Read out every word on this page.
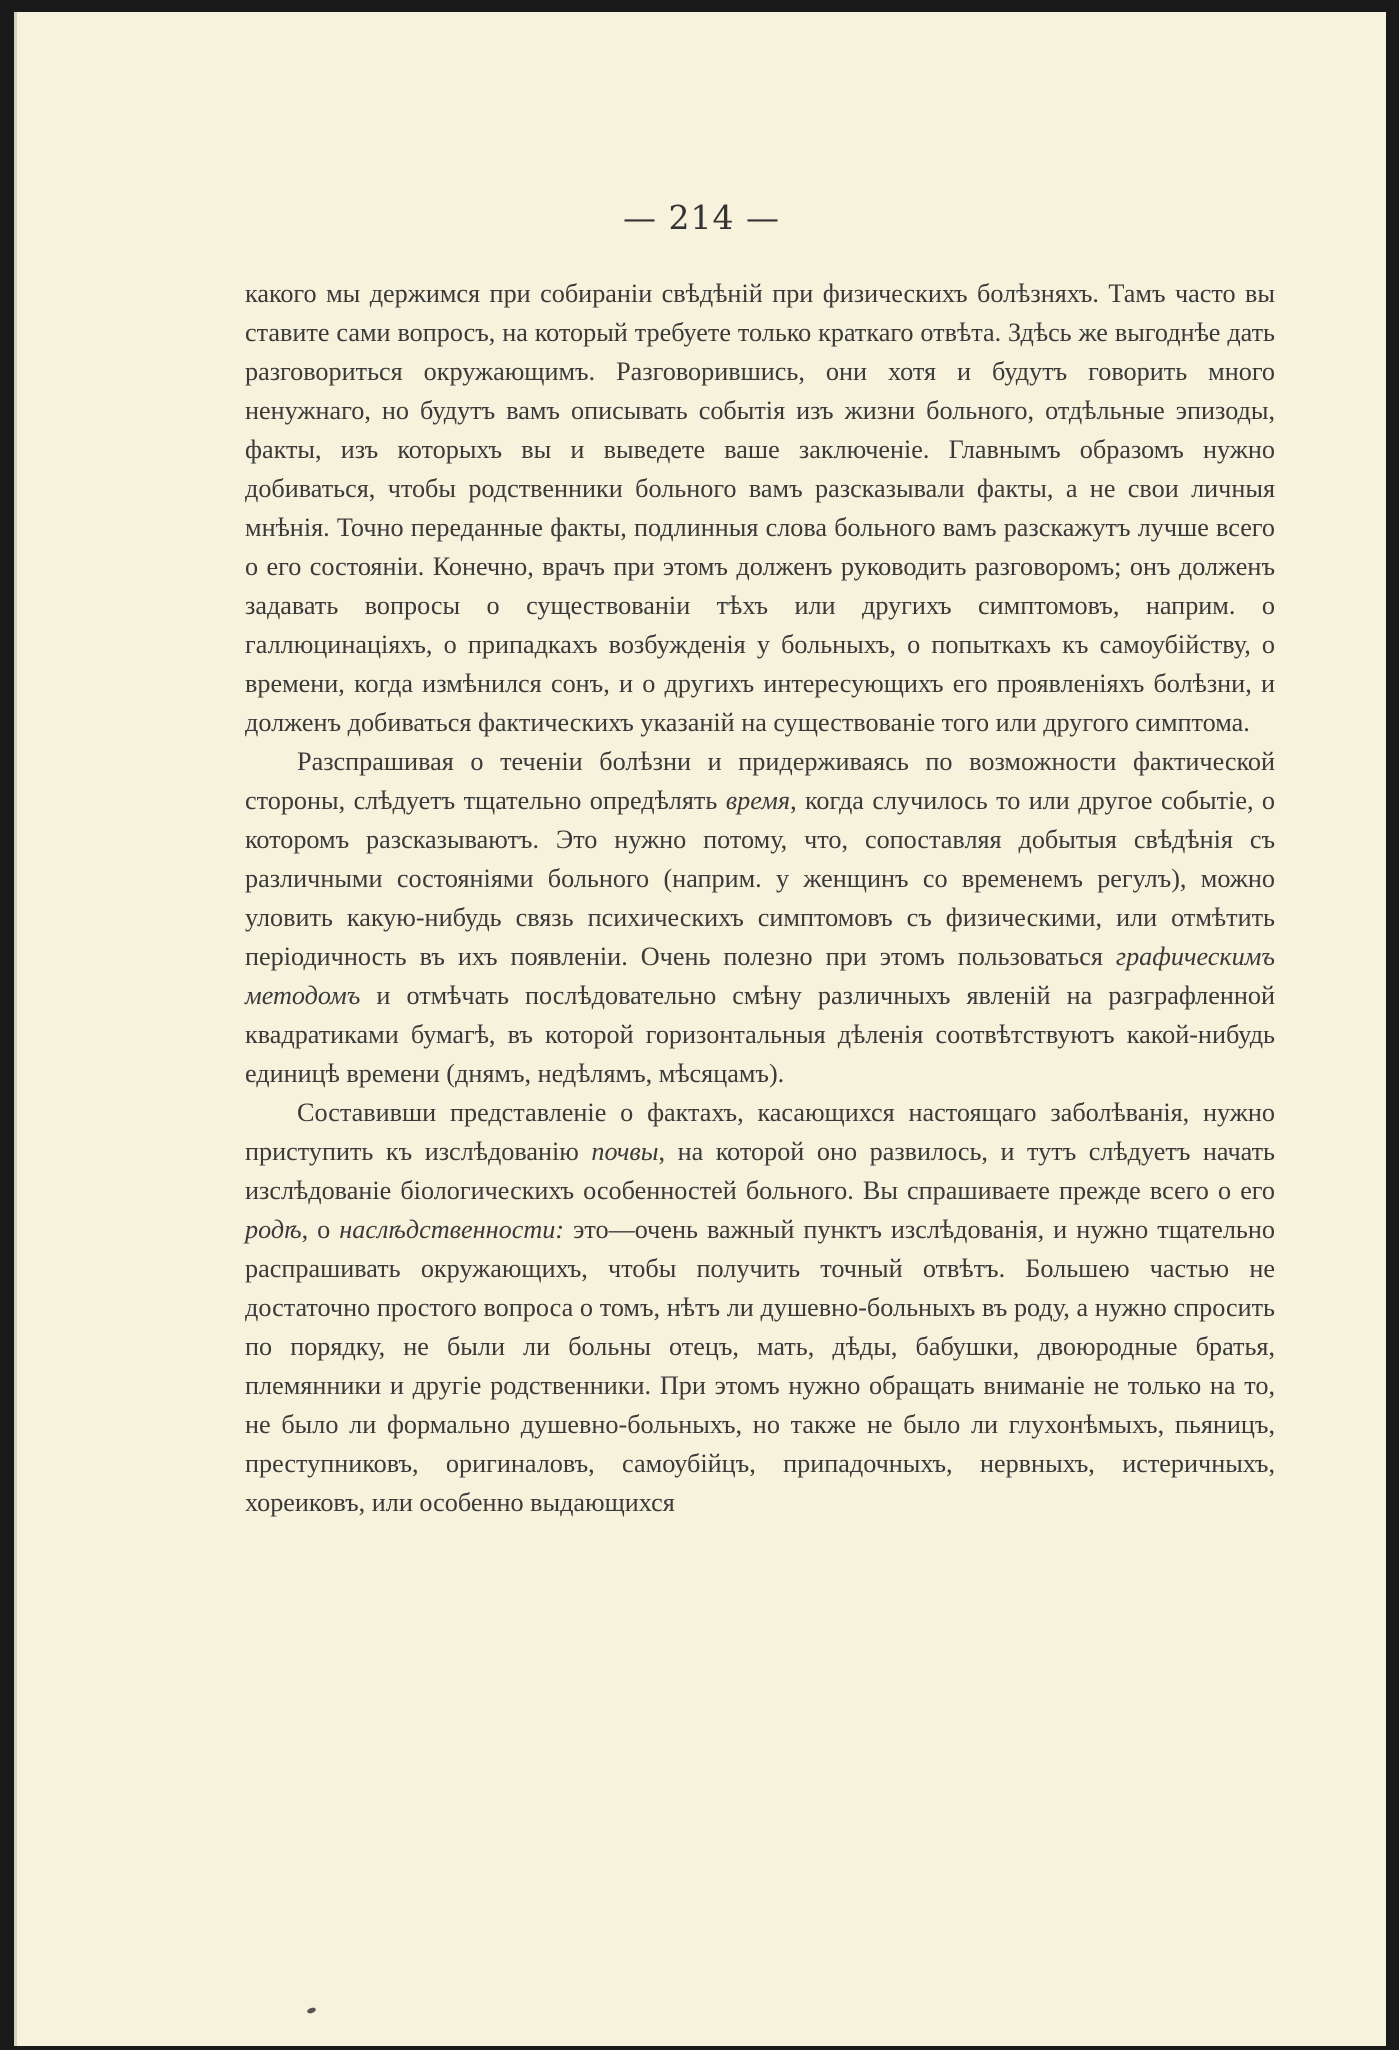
— 214 —

какого мы держимся при собиранiи свѣдѣнiй при физическихъ болѣзняхъ. Тамъ часто вы ставите сами вопросъ, на который требуете только краткаго отвѣта. Здѣсь же выгоднѣе дать разговориться окружающимъ. Разговорившись, они хотя и будутъ говорить много ненужнаго, но будутъ вамъ описывать событiя изъ жизни больного, отдѣльные эпизоды, факты, изъ которыхъ вы и выведете ваше заключенiе. Главнымъ образомъ нужно добиваться, чтобы родственники больного вамъ разсказывали факты, а не свои личныя мнѣнiя. Точно переданные факты, подлинныя слова больного вамъ разскажутъ лучше всего о его состоянiи. Конечно, врачъ при этомъ долженъ руководить разговоромъ; онъ долженъ задавать вопросы о существованiи тѣхъ или другихъ симптомовъ, наприм. о галлюцинацiяхъ, о припадкахъ возбужденiя у больныхъ, о попыткахъ къ самоубiйству, о времени, когда измѣнился сонъ, и о другихъ интересующихъ его проявленiяхъ болѣзни, и долженъ добиваться фактическихъ указанiй на существованiе того или другого симптома.

Разспрашивая о теченiи болѣзни и придерживаясь по возможности фактической стороны, слѣдуетъ тщательно опредѣлять время, когда случилось то или другое событiе, о которомъ разсказываютъ. Это нужно потому, что, сопоставляя добытыя свѣдѣнiя съ различными состоянiями больного (наприм. у женщинъ со временемъ регулъ), можно уловить какую-нибудь связь психическихъ симптомовъ съ физическими, или отмѣтить перiодичность въ ихъ появленiи. Очень полезно при этомъ пользоваться графическимъ методомъ и отмѣчать послѣдовательно смѣну различныхъ явленiй на разграфленной квадратиками бумагѣ, въ которой горизонтальныя дѣленiя соотвѣтствуютъ какой-нибудь единицѣ времени (днямъ, недѣлямъ, мѣсяцамъ).

Составивши представленiе о фактахъ, касающихся настоящаго заболѣванiя, нужно приступить къ изслѣдованiю почвы, на которой оно развилось, и тутъ слѣдуетъ начать изслѣдованiе бiологическихъ особенностей больного. Вы спрашиваете прежде всего о его родѣ, о наслѣдственности: это—очень важный пунктъ изслѣдованiя, и нужно тщательно распрашивать окружающихъ, чтобы получить точный отвѣтъ. Большею частью не достаточно простого вопроса о томъ, нѣтъ ли душевно-больныхъ въ роду, а нужно спросить по порядку, не были ли больны отецъ, мать, дѣды, бабушки, двоюродные братья, племянники и другiе родственники. При этомъ нужно обращать вниманiе не только на то, не было ли формально душевно-больныхъ, но также не было ли глухонѣмыхъ, пьяницъ, преступниковъ, оригиналовъ, самоубiйцъ, припадочныхъ, нервныхъ, истеричныхъ, хореиковъ, или особенно выдающихся
